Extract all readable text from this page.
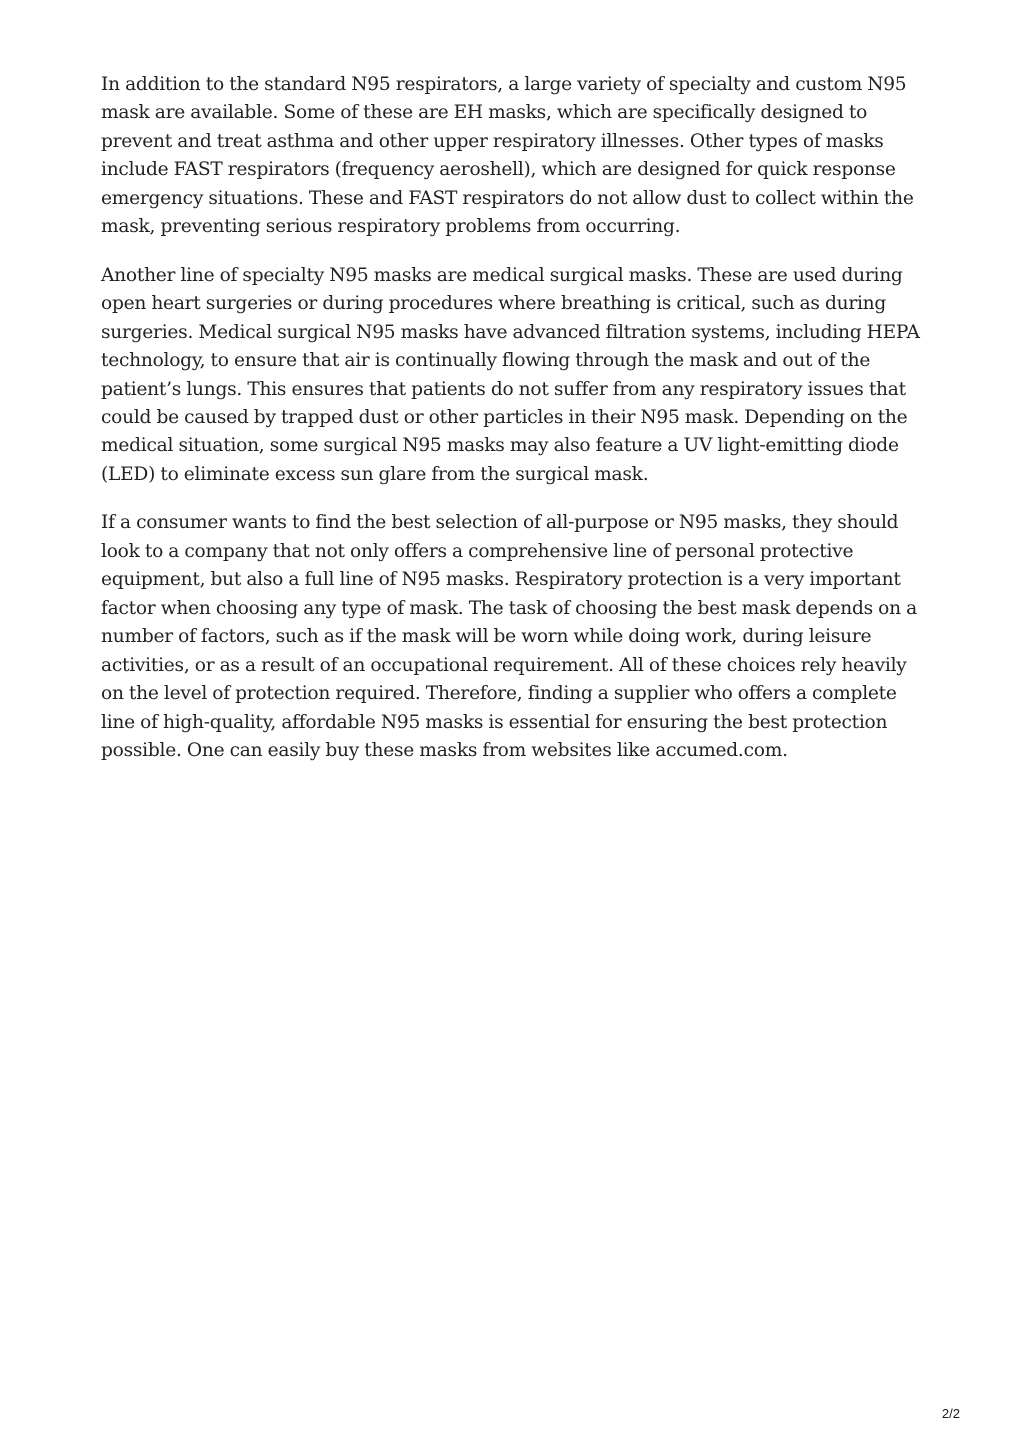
In addition to the standard N95 respirators, a large variety of specialty and custom N95 mask are available. Some of these are EH masks, which are specifically designed to prevent and treat asthma and other upper respiratory illnesses. Other types of masks include FAST respirators (frequency aeroshell), which are designed for quick response emergency situations. These and FAST respirators do not allow dust to collect within the mask, preventing serious respiratory problems from occurring.

Another line of specialty N95 masks are medical surgical masks. These are used during open heart surgeries or during procedures where breathing is critical, such as during surgeries. Medical surgical N95 masks have advanced filtration systems, including HEPA technology, to ensure that air is continually flowing through the mask and out of the patient’s lungs. This ensures that patients do not suffer from any respiratory issues that could be caused by trapped dust or other particles in their N95 mask. Depending on the medical situation, some surgical N95 masks may also feature a UV light-emitting diode (LED) to eliminate excess sun glare from the surgical mask.

If a consumer wants to find the best selection of all-purpose or N95 masks, they should look to a company that not only offers a comprehensive line of personal protective equipment, but also a full line of N95 masks. Respiratory protection is a very important factor when choosing any type of mask. The task of choosing the best mask depends on a number of factors, such as if the mask will be worn while doing work, during leisure activities, or as a result of an occupational requirement. All of these choices rely heavily on the level of protection required. Therefore, finding a supplier who offers a complete line of high-quality, affordable N95 masks is essential for ensuring the best protection possible. One can easily buy these masks from websites like accumed.com.

2/2
